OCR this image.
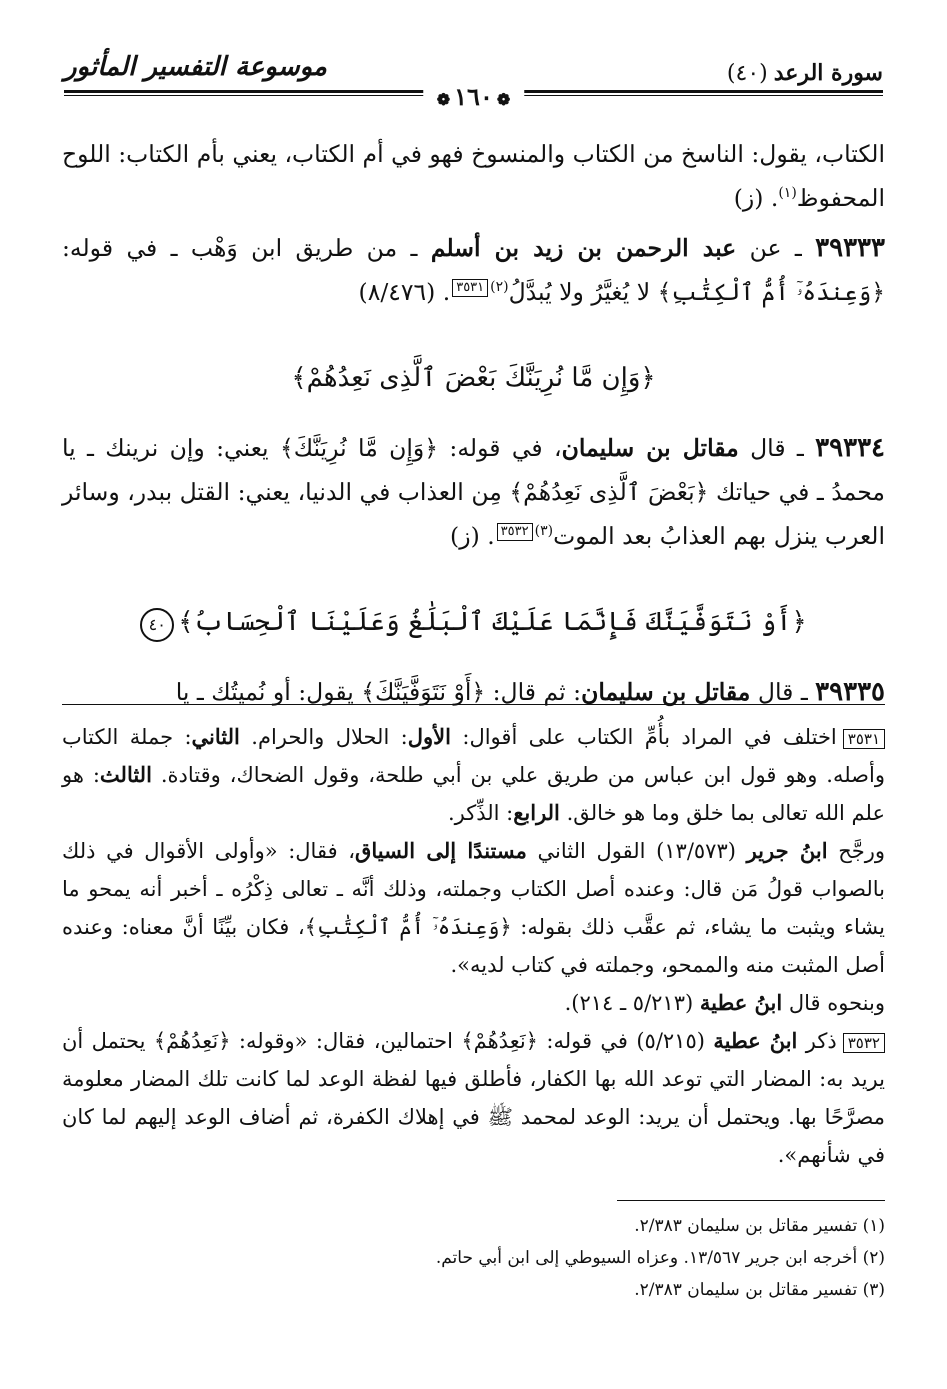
سورة الرعد(٤٠)
موسوعة التفسير المأثور
❁١٦٠❁

الكتاب، يقول: الناسخ من الكتاب والمنسوخ فهو في أم الكتاب، يعني بأم الكتاب: اللوح المحفوظ$^{(١)}$. (ز)

٣٩٣٣٣ ـ عن عبد الرحمن بن زيد بن أسلم ـ من طريق ابن وَهْب ـ في قوله: ﴿وَعِندَهُۥٓ أُمُّ ٱلْكِتَٰبِ﴾ لا يُغيَّرُ ولا يُبدَّلُ$^{(٢)}$٣٥٣١. (٨/٤٧٦)

﴿وَإِن مَّا نُرِيَنَّكَ بَعْضَ ٱلَّذِى نَعِدُهُمْ﴾

٣٩٣٣٤ ـ قال مقاتل بن سليمان، في قوله: ﴿وَإِن مَّا نُرِيَنَّكَ﴾ يعني: وإن نرينك ـ يا محمدُ ـ في حياتك ﴿بَعْضَ ٱلَّذِى نَعِدُهُمْ﴾ مِن العذاب في الدنيا، يعني: القتل ببدر، وسائر العرب ينزل بهم العذابُ بعد الموت$^{(٣)}$٣٥٣٢. (ز)

﴿أَوْ نَتَوَفَّيَنَّكَ فَإِنَّمَا عَلَيْكَ ٱلْبَلَٰغُ وَعَلَيْنَا ٱلْحِسَابُ﴾٤٠

٣٩٣٣٥ ـ قال مقاتل بن سليمان: ثم قال: ﴿أَوْ نَتَوَفَّيَنَّكَ﴾ يقول: أو نُميتُك ـ يا

٣٥٣١اختلف في المراد بأُمِّ الكتاب على أقوال: الأول: الحلال والحرام. الثاني: جملة الكتاب وأصله. وهو قول ابن عباس من طريق علي بن أبي طلحة، وقول الضحاك، وقتادة. الثالث: هو علم الله تعالى بما خلق وما هو خالق. الرابع: الذِّكر.

ورجَّح ابنُ جرير (١٣/٥٧٣) القول الثاني مستندًا إلى السياق، فقال: «وأولى الأقوال في ذلك بالصواب قولُ مَن قال: وعنده أصل الكتاب وجملته، وذلك أنَّه ـ تعالى ذِكْرُه ـ أخبر أنه يمحو ما يشاء ويثبت ما يشاء، ثم عقَّب ذلك بقوله: ﴿وَعِندَهُۥٓ أُمُّ ٱلْكِتَٰبِ﴾، فكان بيِّنًا أنَّ معناه: وعنده أصل المثبت منه والممحو، وجملته في كتاب لديه».

وبنحوه قال ابنُ عطية (٥/٢١٣ ـ ٢١٤).

٣٥٣٢ذكر ابنُ عطية (٥/٢١٥) في قوله: ﴿نَعِدُهُمْ﴾ احتمالين، فقال: «وقوله: ﴿نَعِدُهُمْ﴾ يحتمل أن يريد به: المضار التي توعد الله بها الكفار، فأطلق فيها لفظة الوعد لما كانت تلك المضار معلومة مصرَّحًا بها. ويحتمل أن يريد: الوعد لمحمد ﷺ في إهلاك الكفرة، ثم أضاف الوعد إليهم لما كان في شأنهم».

(١) تفسير مقاتل بن سليمان ٢/٣٨٣.

(٢) أخرجه ابن جرير ١٣/٥٦٧. وعزاه السيوطي إلى ابن أبي حاتم.

(٣) تفسير مقاتل بن سليمان ٢/٣٨٣.
